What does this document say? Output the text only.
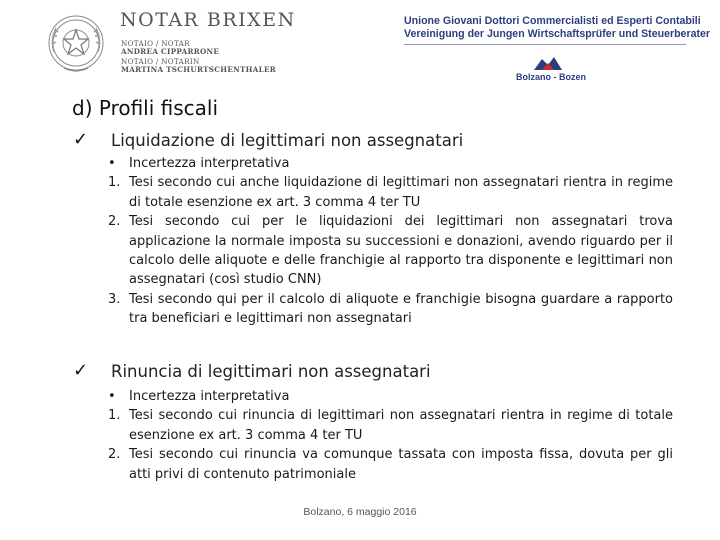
NOTAR BRIXEN
NOTAIO / NOTAR
ANDREA CIPPARRONE
NOTAIO / NOTARIN
MARTINA TSCHURTSCHENTHALER
Unione Giovani Dottori Commercialisti ed Esperti Contabili
Vereinigung der Jungen Wirtschaftsprüfer und Steuerberater
Bolzano - Bozen
d) Profili fiscali
✓ Liquidazione di legittimari non assegnatari
• Incertezza interpretativa
1. Tesi secondo cui anche liquidazione di legittimari non assegnatari rientra in regime di totale esenzione ex art. 3 comma 4 ter TU
2. Tesi secondo cui per le liquidazioni dei legittimari non assegnatari trova applicazione la normale imposta su successioni e donazioni, avendo riguardo per il calcolo delle aliquote e delle franchigie al rapporto tra disponente e legittimari non assegnatari (così studio CNN)
3. Tesi secondo qui per il calcolo di aliquote e franchigie bisogna guardare a rapporto tra beneficiari e legittimari non assegnatari
✓ Rinuncia di legittimari non assegnatari
• Incertezza interpretativa
1. Tesi secondo cui rinuncia di legittimari non assegnatari rientra in regime di totale esenzione ex art. 3 comma 4 ter TU
2. Tesi secondo cui rinuncia va comunque tassata con imposta fissa, dovuta per gli atti privi di contenuto patrimoniale
Bolzano, 6 maggio 2016
